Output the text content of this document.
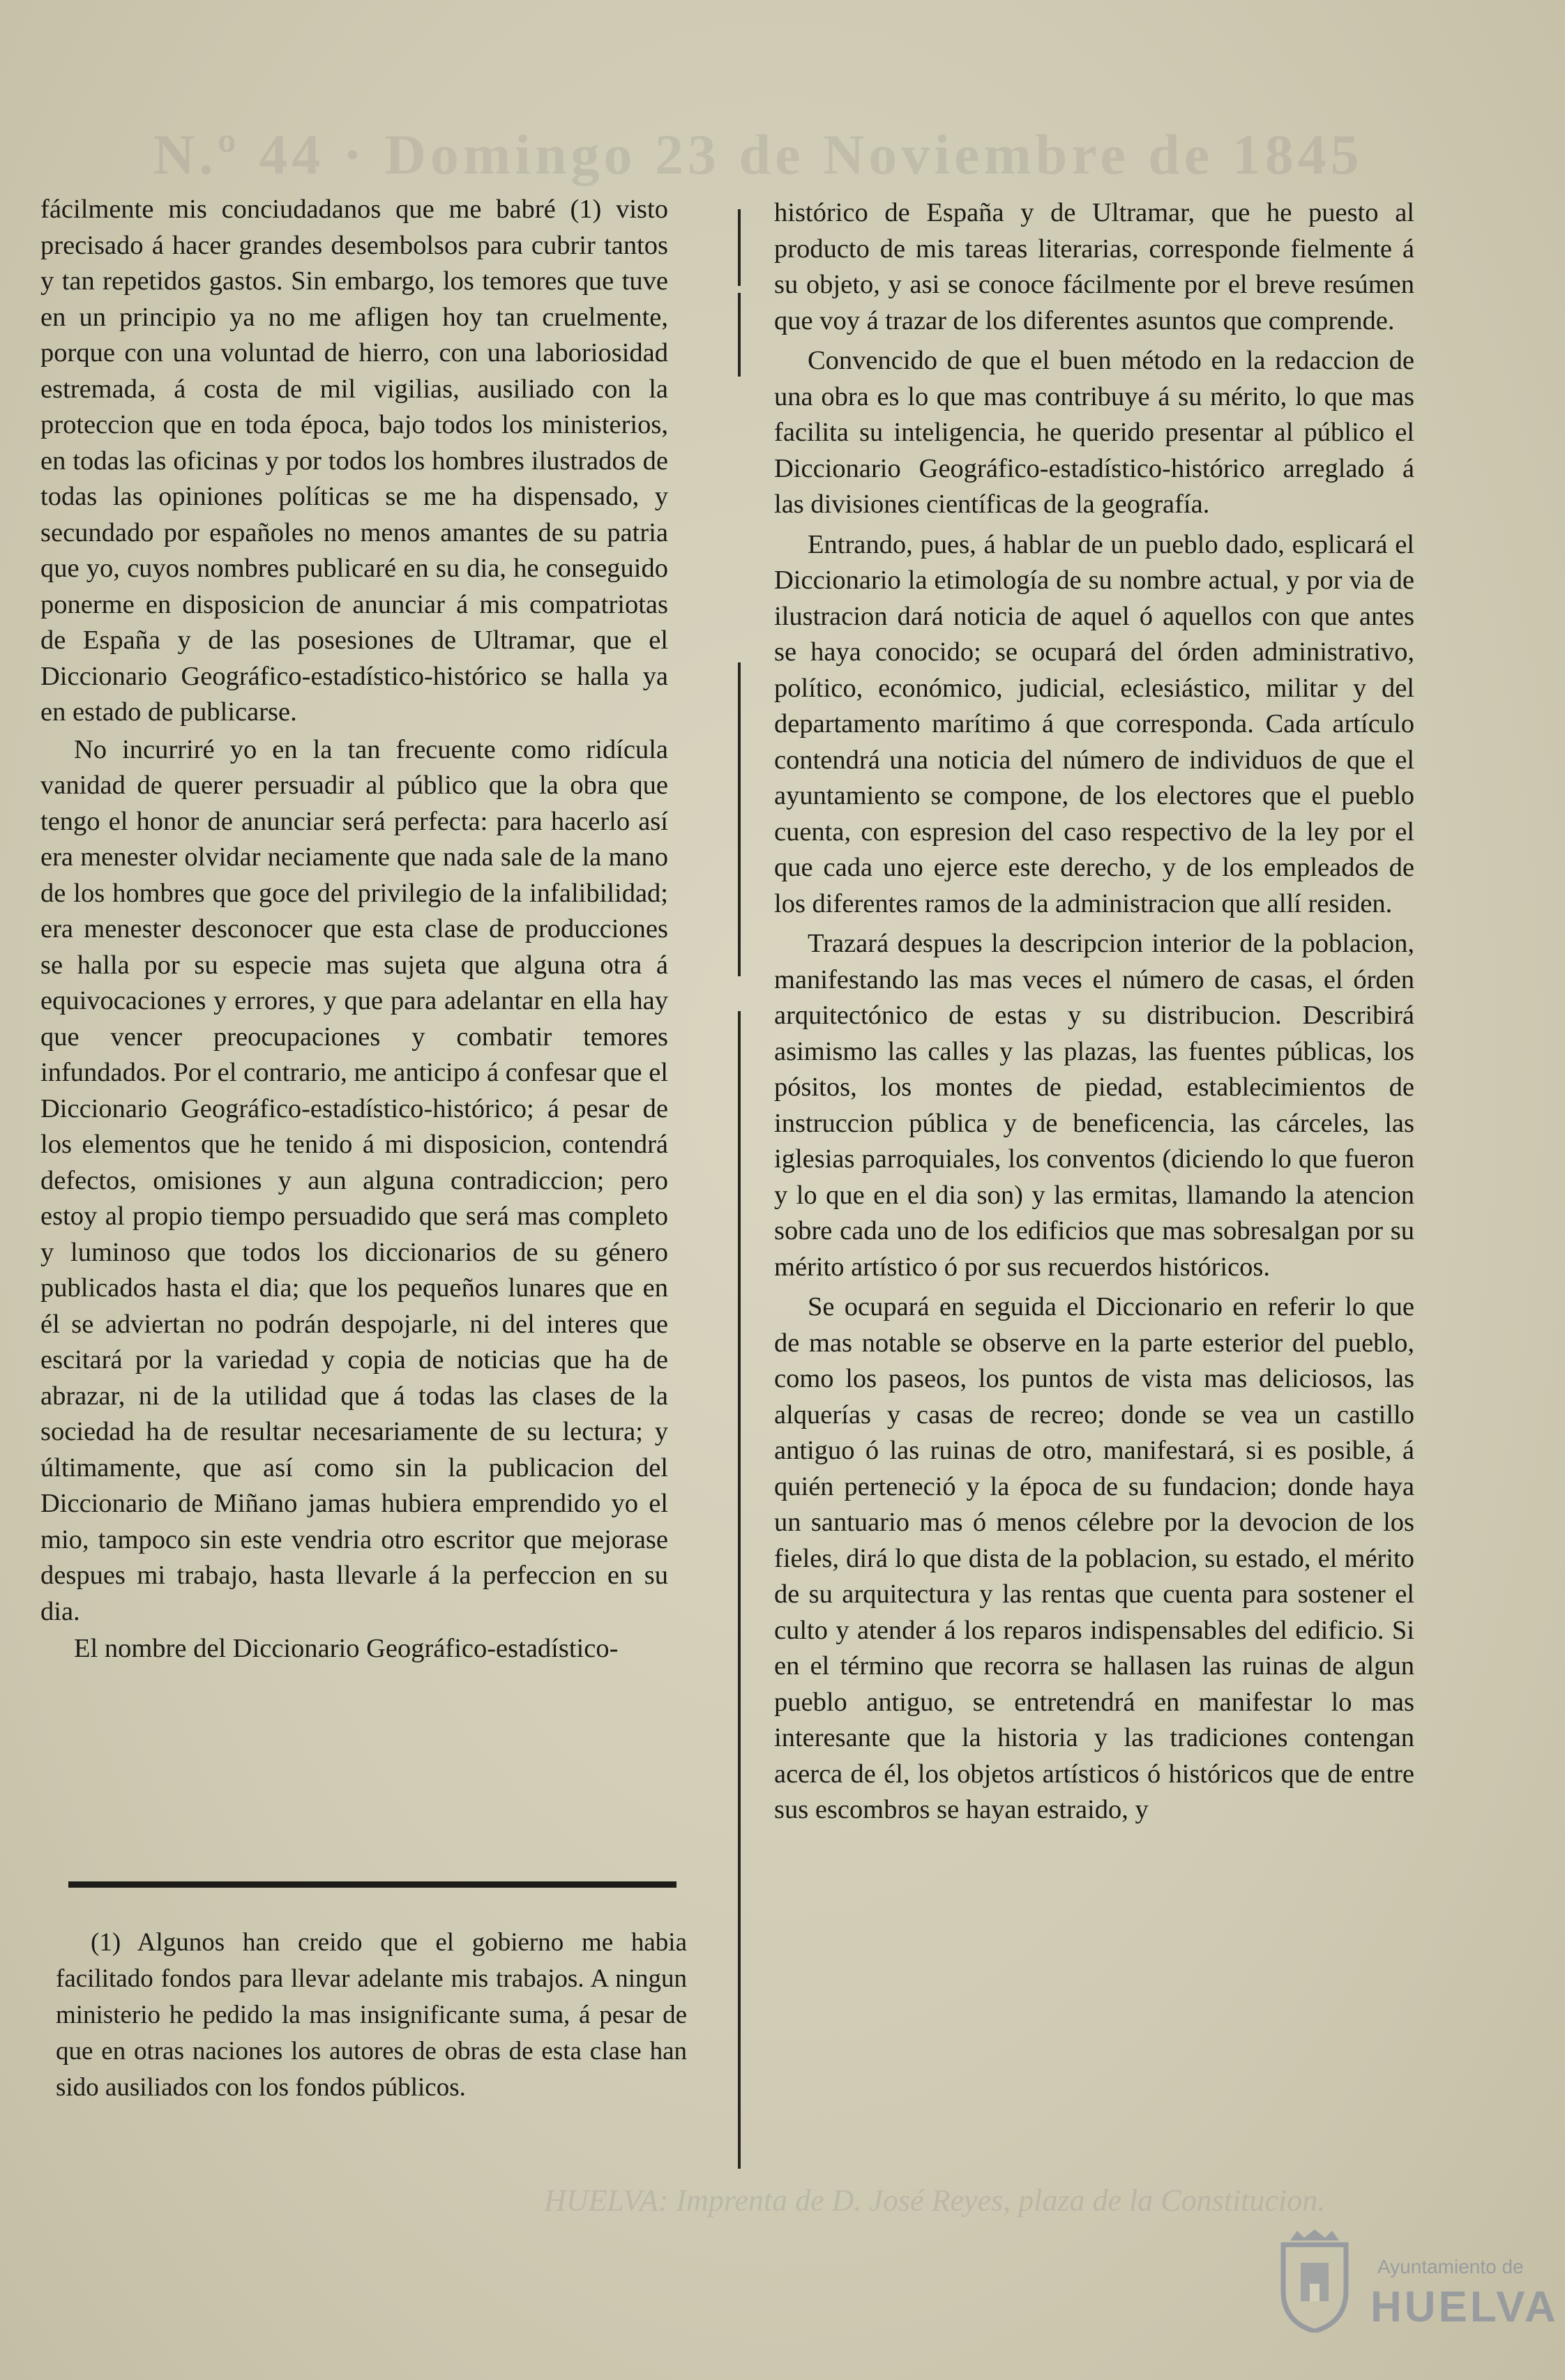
N.º 44 · Domingo 23 de Noviembre de 1845

fácilmente mis conciudadanos que me babré (1) visto precisado á hacer grandes desembolsos para cubrir tantos y tan repetidos gastos. Sin embargo, los temores que tuve en un principio ya no me afligen hoy tan cruelmente, porque con una voluntad de hierro, con una laboriosidad estremada, á costa de mil vigilias, ausiliado con la proteccion que en toda época, bajo todos los ministerios, en todas las oficinas y por todos los hombres ilustrados de todas las opiniones políticas se me ha dispensado, y secundado por españoles no menos amantes de su patria que yo, cuyos nombres publicaré en su dia, he conseguido ponerme en disposicion de anunciar á mis compatriotas de España y de las posesiones de Ultramar, que el Diccionario Geográfico-estadístico-histórico se halla ya en estado de publicarse.

No incurriré yo en la tan frecuente como ridícula vanidad de querer persuadir al público que la obra que tengo el honor de anunciar será perfecta: para hacerlo así era menester olvidar neciamente que nada sale de la mano de los hombres que goce del privilegio de la infalibilidad; era menester desconocer que esta clase de producciones se halla por su especie mas sujeta que alguna otra á equivocaciones y errores, y que para adelantar en ella hay que vencer preocupaciones y combatir temores infundados. Por el contrario, me anticipo á confesar que el Diccionario Geográfico-estadístico-histórico; á pesar de los elementos que he tenido á mi disposicion, contendrá defectos, omisiones y aun alguna contradiccion; pero estoy al propio tiempo persuadido que será mas completo y luminoso que todos los diccionarios de su género publicados hasta el dia; que los pequeños lunares que en él se adviertan no podrán despojarle, ni del interes que escitará por la variedad y copia de noticias que ha de abrazar, ni de la utilidad que á todas las clases de la sociedad ha de resultar necesariamente de su lectura; y últimamente, que así como sin la publicacion del Diccionario de Miñano jamas hubiera emprendido yo el mio, tampoco sin este vendria otro escritor que mejorase despues mi trabajo, hasta llevarle á la perfeccion en su dia.

El nombre del Diccionario Geográfico-estadístico-

(1) Algunos han creido que el gobierno me habia facilitado fondos para llevar adelante mis trabajos. A ningun ministerio he pedido la mas insignificante suma, á pesar de que en otras naciones los autores de obras de esta clase han sido ausiliados con los fondos públicos.

histórico de España y de Ultramar, que he puesto al producto de mis tareas literarias, corresponde fielmente á su objeto, y asi se conoce fácilmente por el breve resúmen que voy á trazar de los diferentes asuntos que comprende.

Convencido de que el buen método en la redaccion de una obra es lo que mas contribuye á su mérito, lo que mas facilita su inteligencia, he querido presentar al público el Diccionario Geográfico-estadístico-histórico arreglado á las divisiones científicas de la geografía.

Entrando, pues, á hablar de un pueblo dado, esplicará el Diccionario la etimología de su nombre actual, y por via de ilustracion dará noticia de aquel ó aquellos con que antes se haya conocido; se ocupará del órden administrativo, político, económico, judicial, eclesiástico, militar y del departamento marítimo á que corresponda. Cada artículo contendrá una noticia del número de individuos de que el ayuntamiento se compone, de los electores que el pueblo cuenta, con espresion del caso respectivo de la ley por el que cada uno ejerce este derecho, y de los empleados de los diferentes ramos de la administracion que allí residen.

Trazará despues la descripcion interior de la poblacion, manifestando las mas veces el número de casas, el órden arquitectónico de estas y su distribucion. Describirá asimismo las calles y las plazas, las fuentes públicas, los pósitos, los montes de piedad, establecimientos de instruccion pública y de beneficencia, las cárceles, las iglesias parroquiales, los conventos (diciendo lo que fueron y lo que en el dia son) y las ermitas, llamando la atencion sobre cada uno de los edificios que mas sobresalgan por su mérito artístico ó por sus recuerdos históricos.

Se ocupará en seguida el Diccionario en referir lo que de mas notable se observe en la parte esterior del pueblo, como los paseos, los puntos de vista mas deliciosos, las alquerías y casas de recreo; donde se vea un castillo antiguo ó las ruinas de otro, manifestará, si es posible, á quién perteneció y la época de su fundacion; donde haya un santuario mas ó menos célebre por la devocion de los fieles, dirá lo que dista de la poblacion, su estado, el mérito de su arquitectura y las rentas que cuenta para sostener el culto y atender á los reparos indispensables del edificio. Si en el término que recorra se hallasen las ruinas de algun pueblo antiguo, se entretendrá en manifestar lo mas interesante que la historia y las tradiciones contengan acerca de él, los objetos artísticos ó históricos que de entre sus escombros se hayan estraido, y

HUELVA: Imprenta de D. José Reyes, plaza de la Constitucion.
Ayuntamiento de
HUELVA
